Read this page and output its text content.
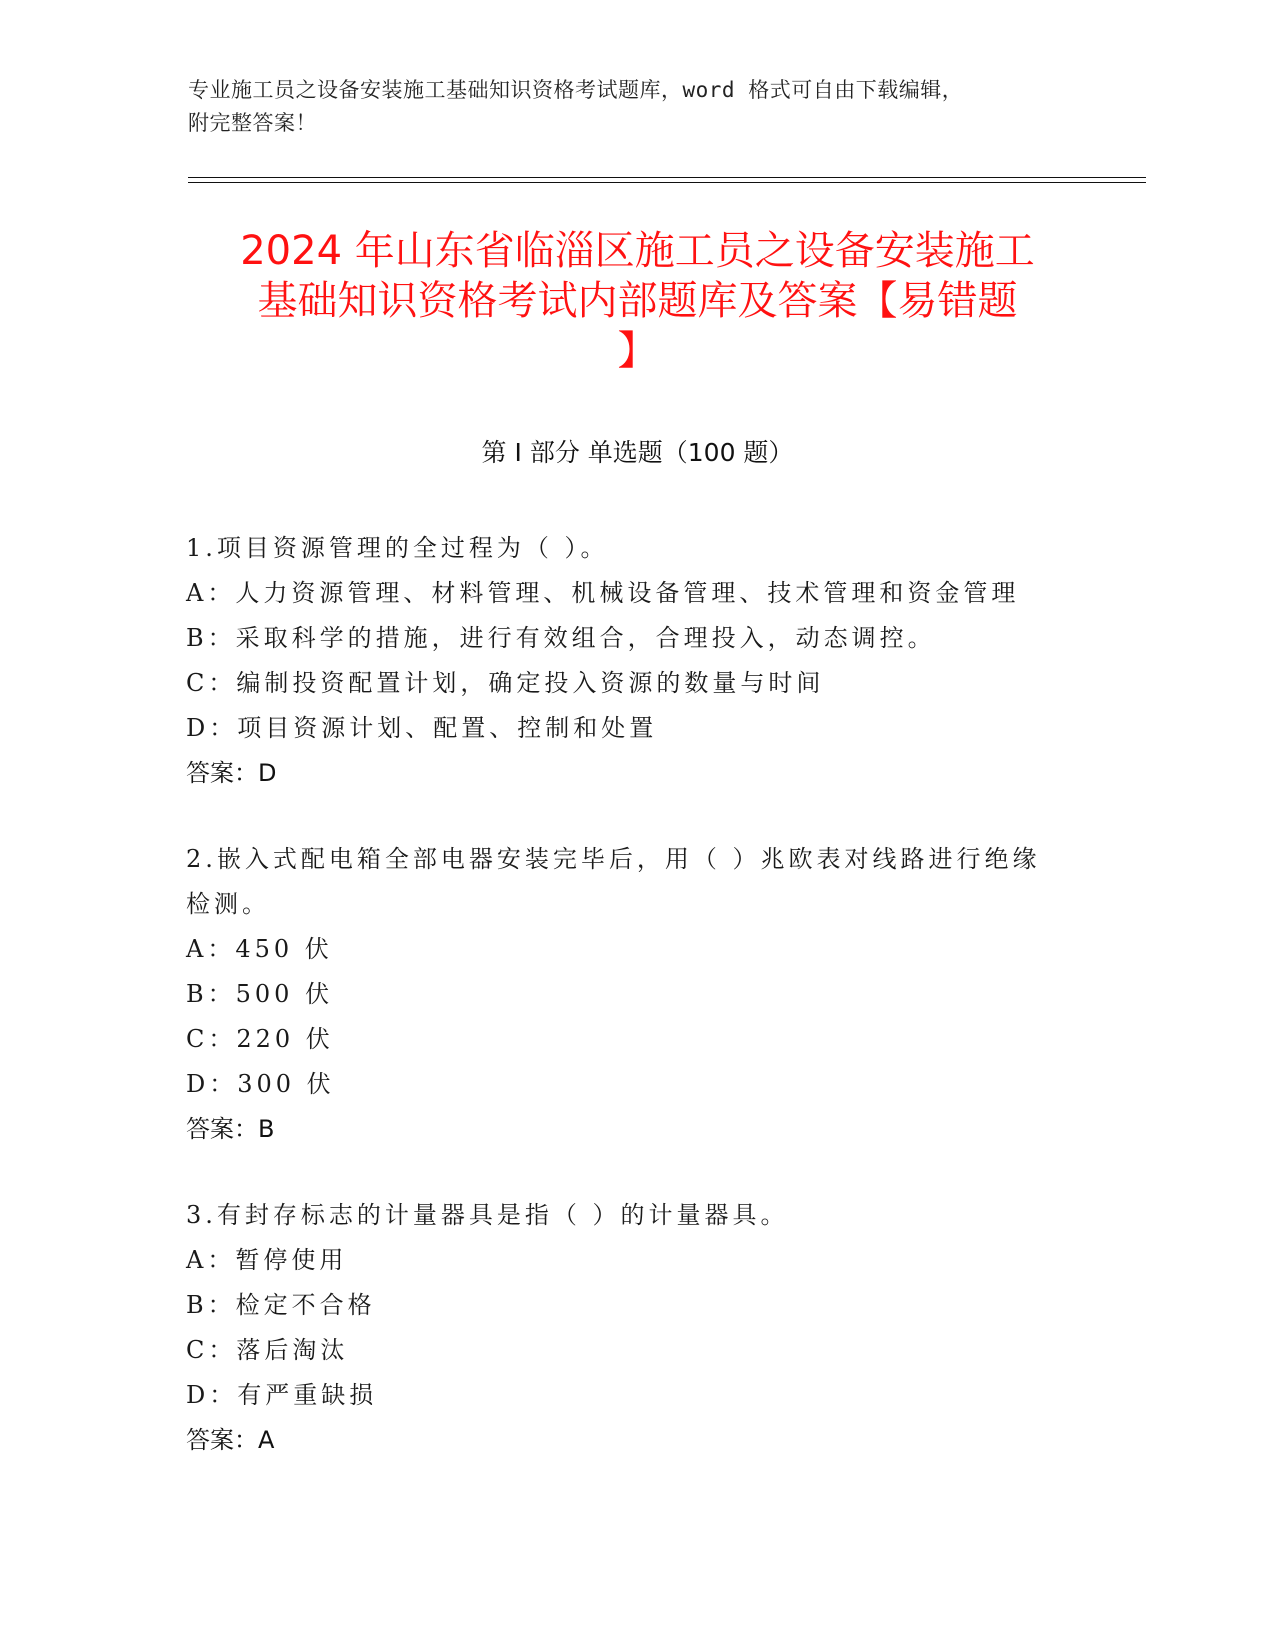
专业施工员之设备安装施工基础知识资格考试题库，word 格式可自由下载编辑，

附完整答案！

2024 年山东省临淄区施工员之设备安装施工
基础知识资格考试内部题库及答案【易错题
】
第 I 部分 单选题（100 题）

1.项目资源管理的全过程为（ ）。

A：人力资源管理、材料管理、机械设备管理、技术管理和资金管理

B：采取科学的措施，进行有效组合，合理投入，动态调控。

C：编制投资配置计划，确定投入资源的数量与时间

D：项目资源计划、配置、控制和处置

答案：D

2.嵌入式配电箱全部电器安装完毕后，用（ ）兆欧表对线路进行绝缘

检测。

A：450 伏

B：500 伏

C：220 伏

D：300 伏

答案：B

3.有封存标志的计量器具是指（ ）的计量器具。

A：暂停使用

B：检定不合格

C：落后淘汰

D：有严重缺损

答案：A
